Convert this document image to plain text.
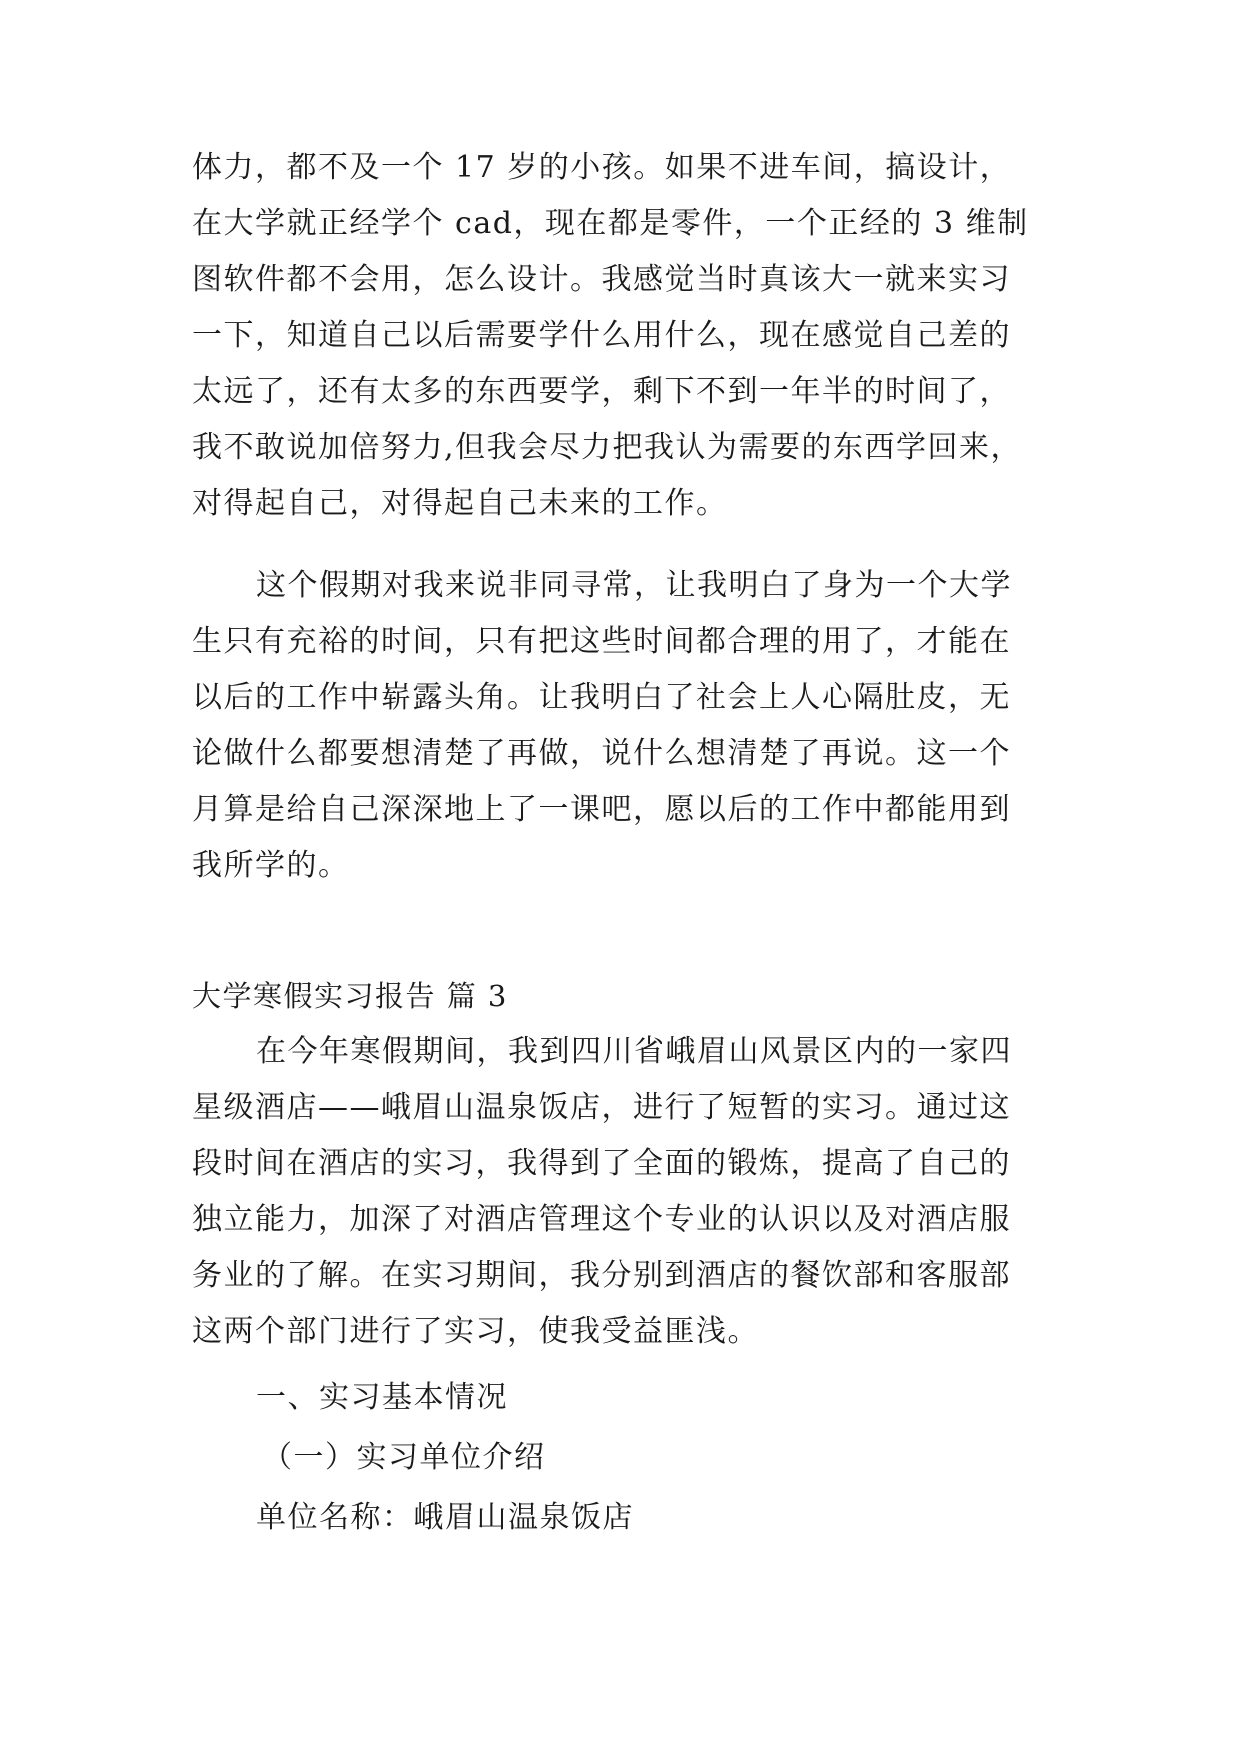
体力，都不及一个 17 岁的小孩。如果不进车间，搞设计，
在大学就正经学个 cad，现在都是零件，一个正经的 3 维制
图软件都不会用，怎么设计。我感觉当时真该大一就来实习
一下，知道自己以后需要学什么用什么，现在感觉自己差的
太远了，还有太多的东西要学，剩下不到一年半的时间了，
我不敢说加倍努力,但我会尽力把我认为需要的东西学回来，
对得起自己，对得起自己未来的工作。
这个假期对我来说非同寻常，让我明白了身为一个大学
生只有充裕的时间，只有把这些时间都合理的用了，才能在
以后的工作中崭露头角。让我明白了社会上人心隔肚皮，无
论做什么都要想清楚了再做，说什么想清楚了再说。这一个
月算是给自己深深地上了一课吧，愿以后的工作中都能用到
我所学的。
大学寒假实习报告 篇 3
在今年寒假期间，我到四川省峨眉山风景区内的一家四
星级酒店——峨眉山温泉饭店，进行了短暂的实习。通过这
段时间在酒店的实习，我得到了全面的锻炼，提高了自己的
独立能力，加深了对酒店管理这个专业的认识以及对酒店服
务业的了解。在实习期间，我分别到酒店的餐饮部和客服部
这两个部门进行了实习，使我受益匪浅。
一、实习基本情况
（一）实习单位介绍
单位名称：峨眉山温泉饭店
